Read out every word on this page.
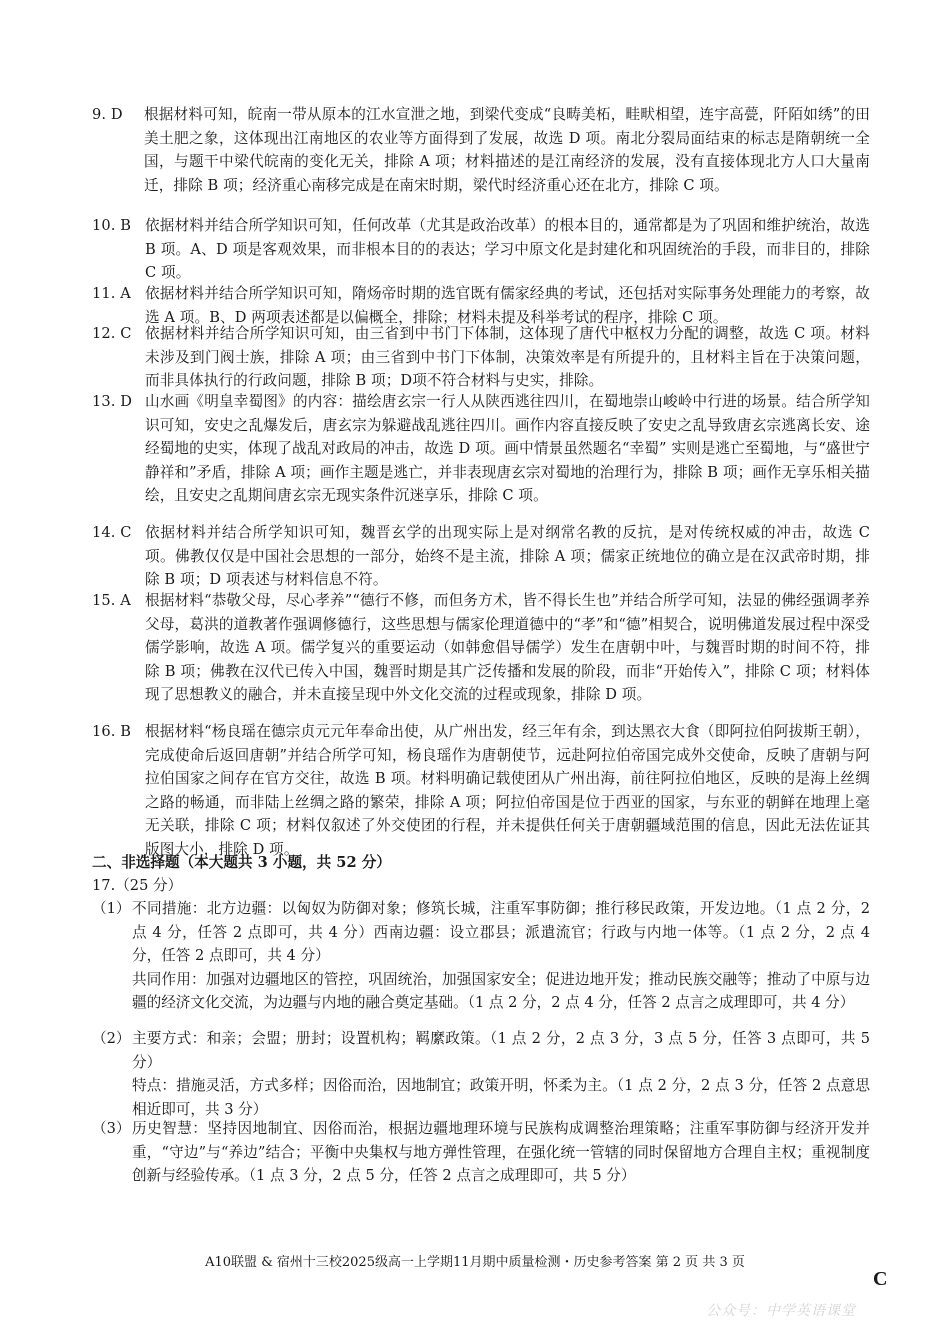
9. D 根据材料可知，皖南一带从原本的江水宣泄之地，到梁代变成“良畴美柘，畦畎相望，连宇高甍，阡陌如绣”的田美土肥之象，这体现出江南地区的农业等方面得到了发展，故选 D 项。南北分裂局面结束的标志是隋朝统一全国，与题干中梁代皖南的变化无关，排除 A 项；材料描述的是江南经济的发展，没有直接体现北方人口大量南迁，排除 B 项；经济重心南移完成是在南宋时期，梁代时经济重心还在北方，排除 C 项。
10. B 依据材料并结合所学知识可知，任何改革（尤其是政治改革）的根本目的，通常都是为了巩固和维护统治，故选 B 项。A、D 项是客观效果，而非根本目的的表达；学习中原文化是封建化和巩固统治的手段，而非目的，排除 C 项。
11. A 依据材料并结合所学知识可知，隋炀帝时期的选官既有儒家经典的考试，还包括对实际事务处理能力的考察，故选 A 项。B、D 两项表述都是以偏概全，排除；材料未提及科举考试的程序，排除 C 项。
12. C 依据材料并结合所学知识可知，由三省到中书门下体制，这体现了唐代中枢权力分配的调整，故选 C 项。材料未涉及到门阀士族，排除 A 项；由三省到中书门下体制，决策效率是有所提升的，且材料主旨在于决策问题，而非具体执行的行政问题，排除 B 项；D项不符合材料与史实，排除。
13. D 山水画《明皇幸蜀图》的内容：描绘唐玄宗一行人从陕西逃往四川，在蜀地崇山峻岭中行进的场景。结合所学知识可知，安史之乱爆发后，唐玄宗为躲避战乱逃往四川。画作内容直接反映了安史之乱导致唐玄宗逃离长安、途经蜀地的史实，体现了战乱对政局的冲击，故选 D 项。画中情景虽然题名“幸蜀” 实则是逃亡至蜀地，与“盛世宁静祥和”矛盾，排除 A 项；画作主题是逃亡，并非表现唐玄宗对蜀地的治理行为，排除 B 项；画作无享乐相关描绘，且安史之乱期间唐玄宗无现实条件沉迷享乐，排除 C 项。
14. C 依据材料并结合所学知识可知，魏晋玄学的出现实际上是对纲常名教的反抗，是对传统权威的冲击，故选 C 项。佛教仅仅是中国社会思想的一部分，始终不是主流，排除 A 项；儒家正统地位的确立是在汉武帝时期，排除 B 项；D 项表述与材料信息不符。
15. A 根据材料“恭敬父母，尽心孝养”“德行不修，而但务方术，皆不得长生也”并结合所学可知，法显的佛经强调孝养父母，葛洪的道教著作强调修德行，这些思想与儒家伦理道德中的“孝”和“德”相契合，说明佛道发展过程中深受儒学影响，故选 A 项。儒学复兴的重要运动（如韩愈倡导儒学）发生在唐朝中叶，与魏晋时期的时间不符，排除 B 项；佛教在汉代已传入中国，魏晋时期是其广泛传播和发展的阶段，而非“开始传入”，排除 C 项；材料体现了思想教义的融合，并未直接呈现中外文化交流的过程或现象，排除 D 项。
16. B 根据材料“杨良瑶在德宗贞元元年奉命出使，从广州出发，经三年有余，到达黑衣大食（即阿拉伯阿拔斯王朝），完成使命后返回唐朝”并结合所学可知，杨良瑶作为唐朝使节，远赴阿拉伯帝国完成外交使命，反映了唐朝与阿拉伯国家之间存在官方交往，故选 B 项。材料明确记载使团从广州出海，前往阿拉伯地区，反映的是海上丝绸之路的畅通，而非陆上丝绸之路的繁荣，排除 A 项；阿拉伯帝国是位于西亚的国家，与东亚的朝鲜在地理上毫无关联，排除 C 项；材料仅叙述了外交使团的行程，并未提供任何关于唐朝疆域范围的信息，因此无法佐证其版图大小，排除 D 项。
二、非选择题（本大题共 3 小题，共 52 分）
17.（25 分）
（1） 不同措施：北方边疆：以匈奴为防御对象；修筑长城，注重军事防御；推行移民政策，开发边地。（1 点 2 分，2 点 4 分，任答 2 点即可，共 4 分）西南边疆：设立郡县；派遣流官；行政与内地一体等。（1 点 2 分，2 点 4 分，任答 2 点即可，共 4 分）
共同作用：加强对边疆地区的管控，巩固统治，加强国家安全；促进边地开发；推动民族交融等；推动了中原与边疆的经济文化交流，为边疆与内地的融合奠定基础。（1 点 2 分，2 点 4 分，任答 2 点言之成理即可，共 4 分）
（2） 主要方式：和亲；会盟；册封；设置机构；羁縻政策。（1 点 2 分，2 点 3 分，3 点 5 分，任答 3 点即可，共 5 分）
特点：措施灵活，方式多样；因俗而治，因地制宜；政策开明，怀柔为主。（1 点 2 分，2 点 3 分，任答 2 点意思相近即可，共 3 分）
（3） 历史智慧：坚持因地制宜、因俗而治，根据边疆地理环境与民族构成调整治理策略；注重军事防御与经济开发并重，“守边”与“养边”结合；平衡中央集权与地方弹性管理，在强化统一管辖的同时保留地方合理自主权；重视制度创新与经验传承。（1 点 3 分，2 点 5 分，任答 2 点言之成理即可，共 5 分）
A10联盟 & 宿州十三校2025级高一上学期11月期中质量检测・历史参考答案 第 2 页 共 3 页
C
公众号：中学英语课堂
